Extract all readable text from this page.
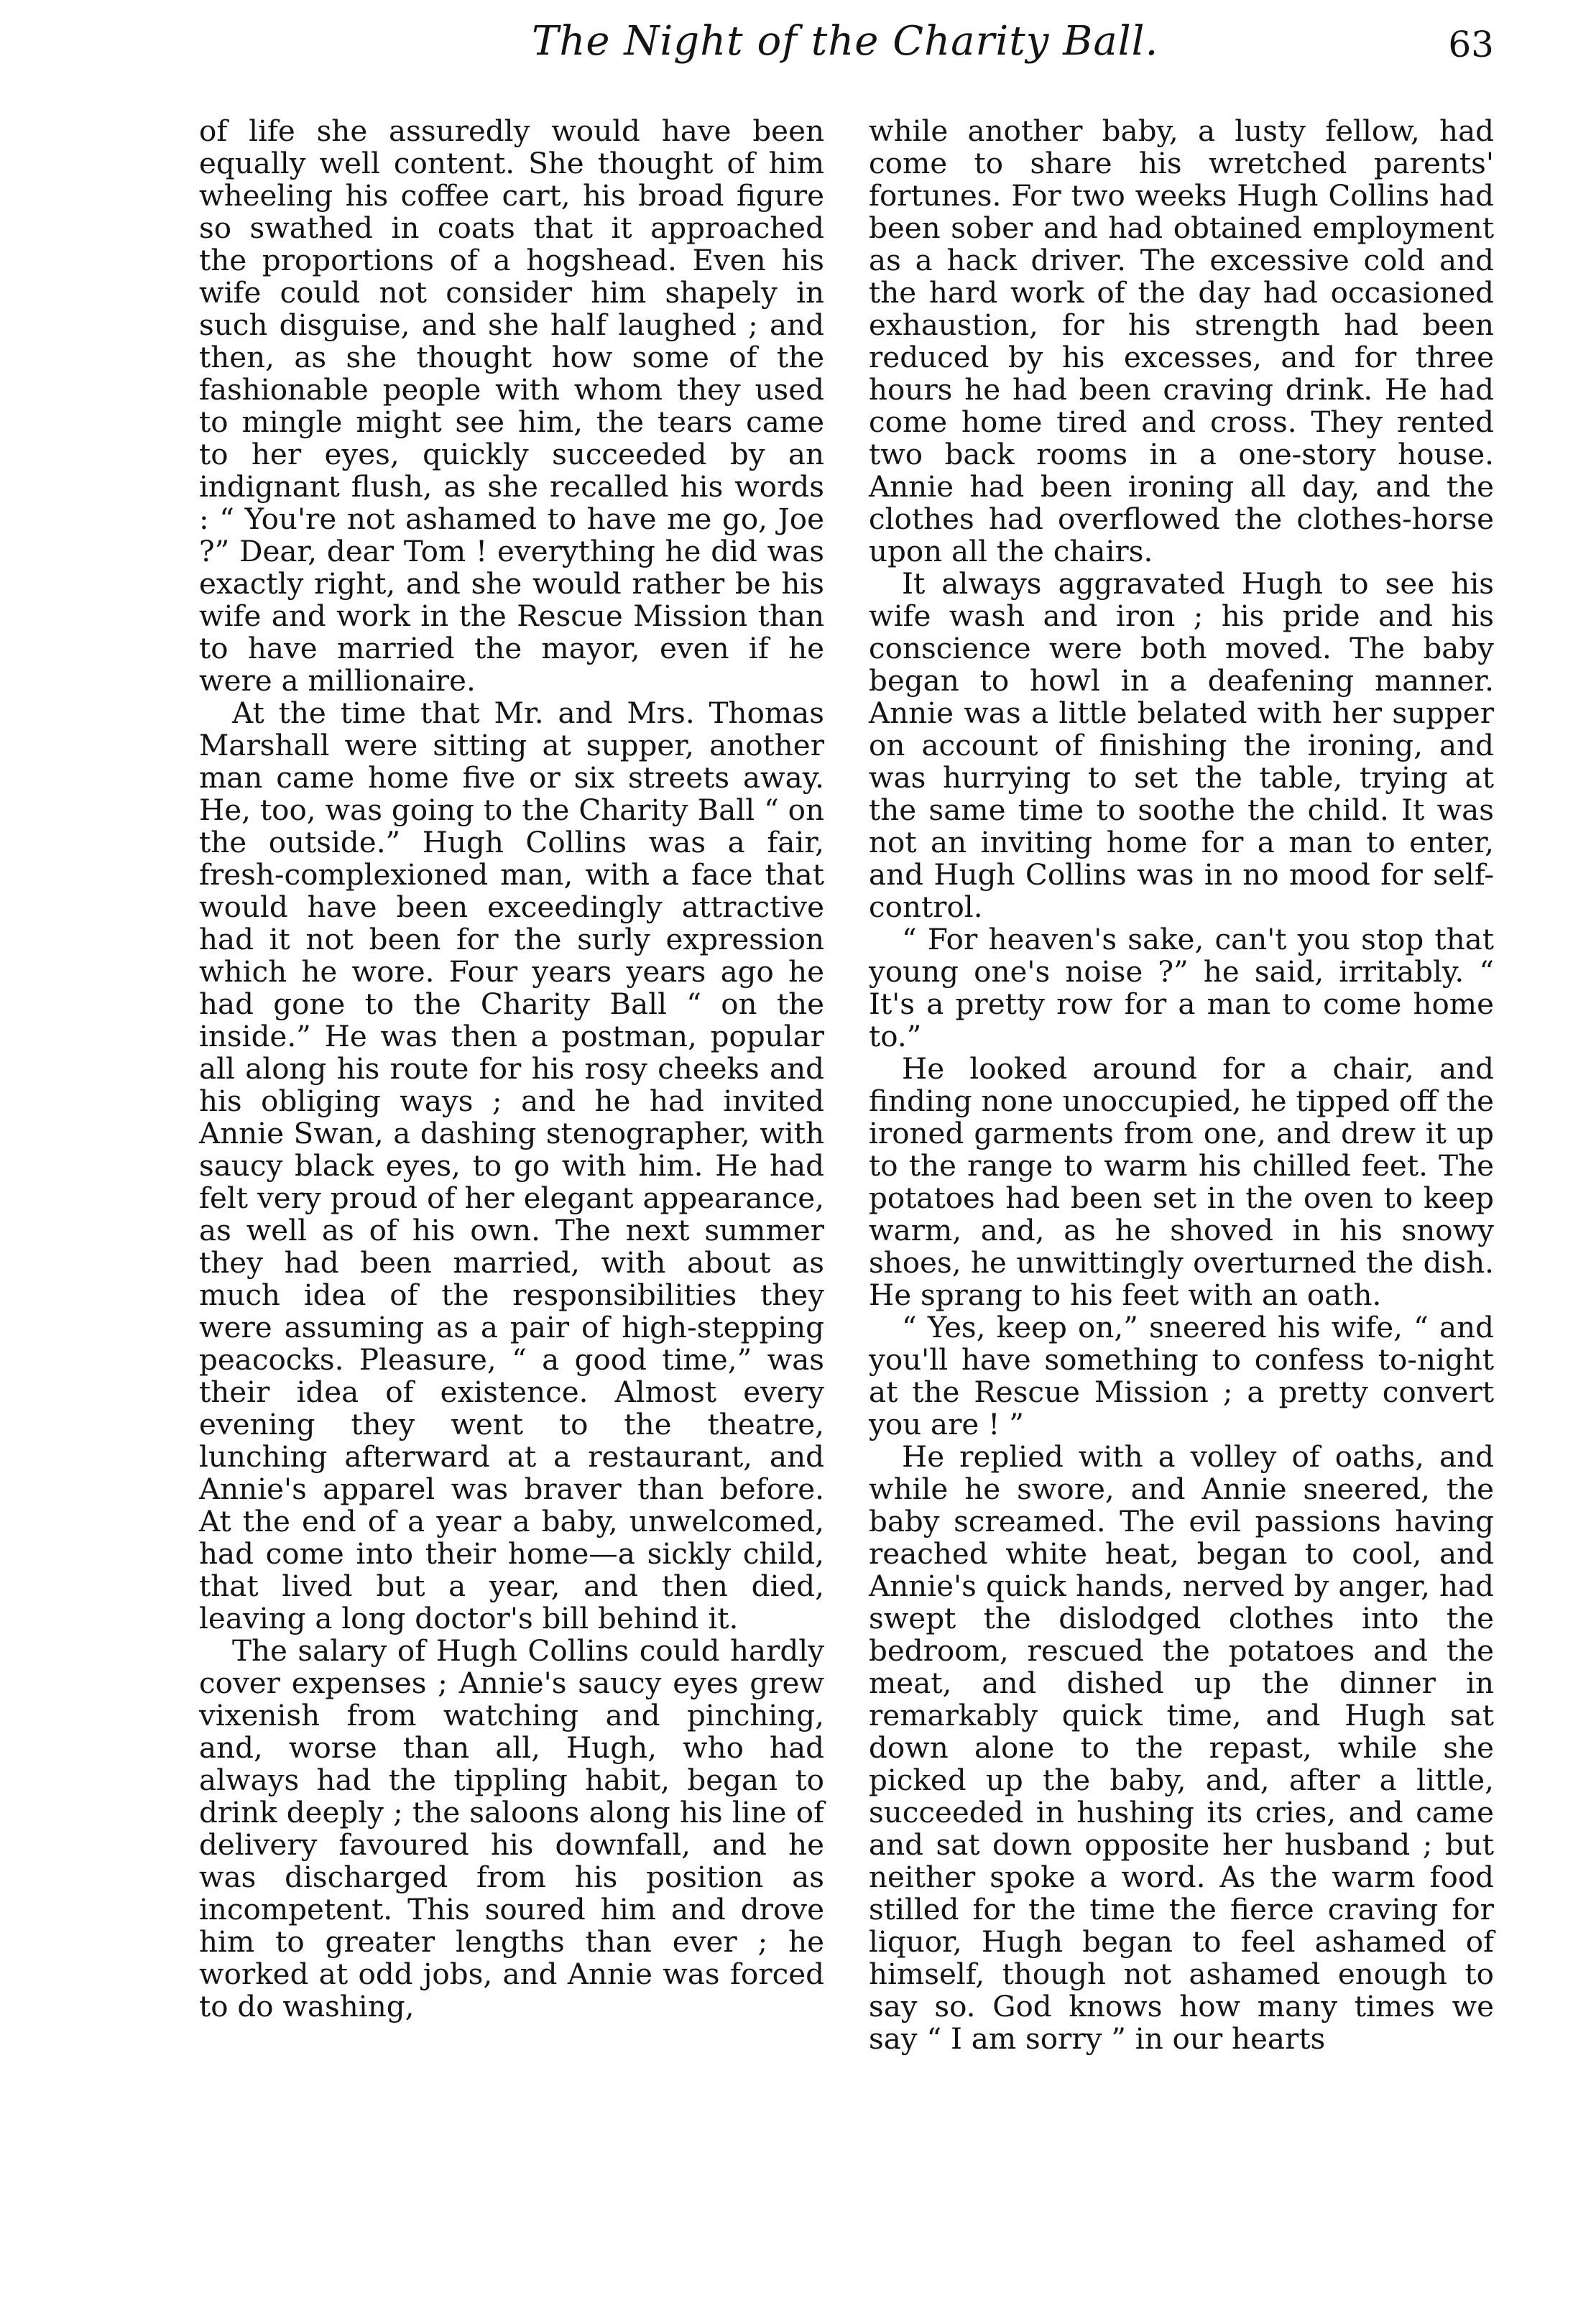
The Night of the Charity Ball.	63

of life she assuredly would have been equally well content. She thought of him wheeling his coffee cart, his broad figure so swathed in coats that it approached the proportions of a hogshead. Even his wife could not consider him shapely in such disguise, and she half laughed ; and then, as she thought how some of the fashionable people with whom they used to mingle might see him, the tears came to her eyes, quickly succeeded by an indignant flush, as she recalled his words : “ You're not ashamed to have me go, Joe ?” Dear, dear Tom ! everything he did was exactly right, and she would rather be his wife and work in the Rescue Mission than to have married the mayor, even if he were a millionaire.

At the time that Mr. and Mrs. Thomas Marshall were sitting at supper, another man came home five or six streets away. He, too, was going to the Charity Ball “ on the outside.” Hugh Collins was a fair, fresh-complexioned man, with a face that would have been exceedingly attractive had it not been for the surly expression which he wore. Four years years ago he had gone to the Charity Ball “ on the inside.” He was then a postman, popular all along his route for his rosy cheeks and his obliging ways ; and he had invited Annie Swan, a dashing stenographer, with saucy black eyes, to go with him. He had felt very proud of her elegant appearance, as well as of his own. The next summer they had been married, with about as much idea of the responsibilities they were assuming as a pair of high-stepping peacocks. Pleasure, “ a good time,” was their idea of existence. Almost every evening they went to the theatre, lunching afterward at a restaurant, and Annie's apparel was braver than before. At the end of a year a baby, unwelcomed, had come into their home—a sickly child, that lived but a year, and then died, leaving a long doctor's bill behind it.

The salary of Hugh Collins could hardly cover expenses ; Annie's saucy eyes grew vixenish from watching and pinching, and, worse than all, Hugh, who had always had the tippling habit, began to drink deeply ; the saloons along his line of delivery favoured his downfall, and he was discharged from his position as incompetent. This soured him and drove him to greater lengths than ever ; he worked at odd jobs, and Annie was forced to do washing,

while another baby, a lusty fellow, had come to share his wretched parents' fortunes. For two weeks Hugh Collins had been sober and had obtained employment as a hack driver. The excessive cold and the hard work of the day had occasioned exhaustion, for his strength had been reduced by his excesses, and for three hours he had been craving drink. He had come home tired and cross. They rented two back rooms in a one-story house. Annie had been ironing all day, and the clothes had overflowed the clothes-horse upon all the chairs.

It always aggravated Hugh to see his wife wash and iron ; his pride and his conscience were both moved. The baby began to howl in a deafening manner. Annie was a little belated with her supper on account of finishing the ironing, and was hurrying to set the table, trying at the same time to soothe the child. It was not an inviting home for a man to enter, and Hugh Collins was in no mood for self-control.

“ For heaven's sake, can't you stop that young one's noise ?” he said, irritably. “ It's a pretty row for a man to come home to.”

He looked around for a chair, and finding none unoccupied, he tipped off the ironed garments from one, and drew it up to the range to warm his chilled feet. The potatoes had been set in the oven to keep warm, and, as he shoved in his snowy shoes, he unwittingly overturned the dish. He sprang to his feet with an oath.

“ Yes, keep on,” sneered his wife, “ and you'll have something to confess to-night at the Rescue Mission ; a pretty convert you are ! ”

He replied with a volley of oaths, and while he swore, and Annie sneered, the baby screamed. The evil passions having reached white heat, began to cool, and Annie's quick hands, nerved by anger, had swept the dislodged clothes into the bedroom, rescued the potatoes and the meat, and dished up the dinner in remarkably quick time, and Hugh sat down alone to the repast, while she picked up the baby, and, after a little, succeeded in hushing its cries, and came and sat down opposite her husband ; but neither spoke a word. As the warm food stilled for the time the fierce craving for liquor, Hugh began to feel ashamed of himself, though not ashamed enough to say so. God knows how many times we say “ I am sorry ” in our hearts
